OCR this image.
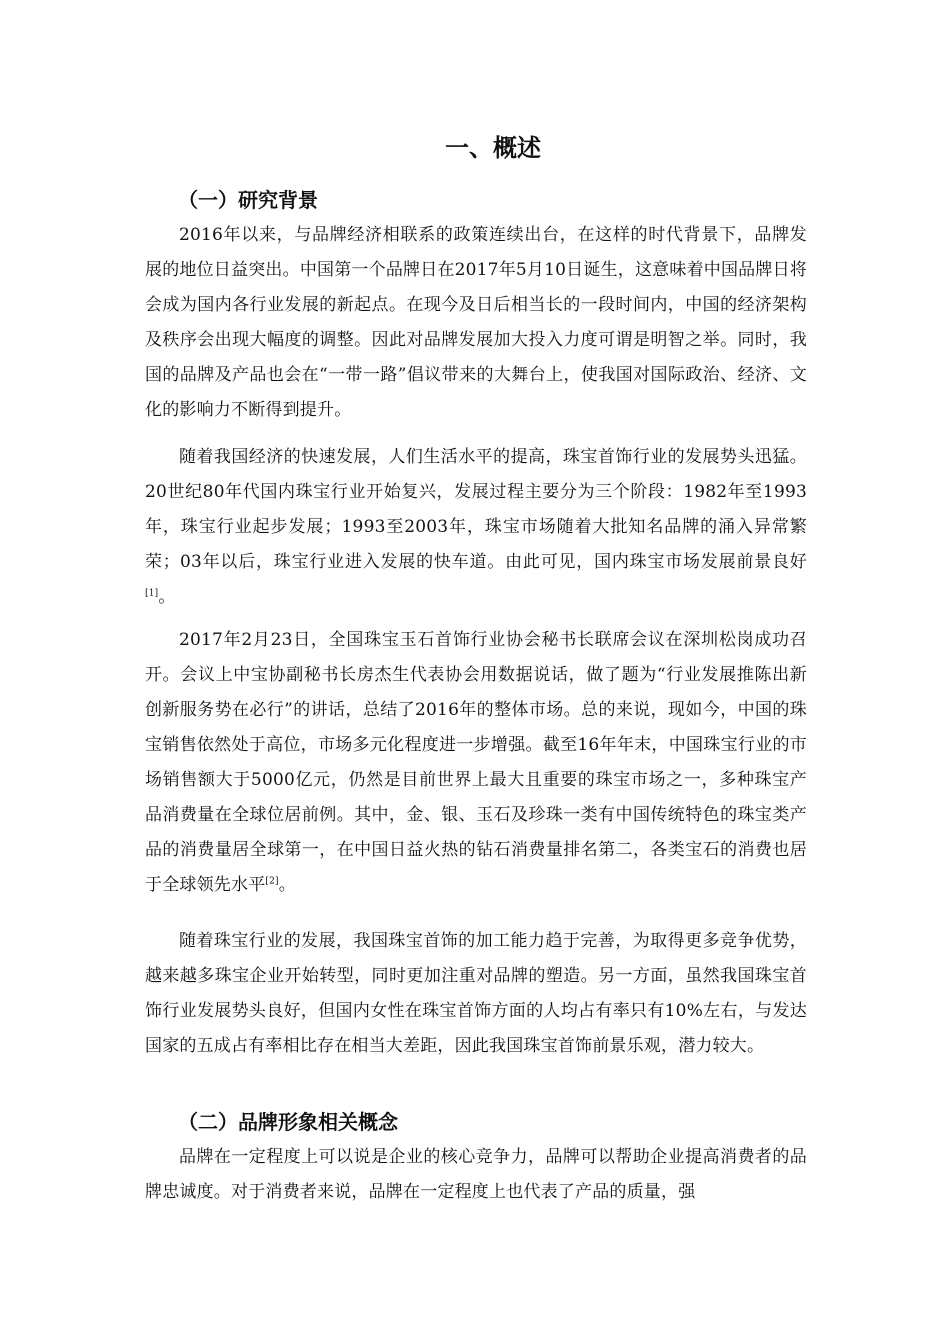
一、概述
（一）研究背景

2016年以来，与品牌经济相联系的政策连续出台，在这样的时代背景下，品牌发展的地位日益突出。中国第一个品牌日在2017年5月10日诞生，这意味着中国品牌日将会成为国内各行业发展的新起点。在现今及日后相当长的一段时间内，中国的经济架构及秩序会出现大幅度的调整。因此对品牌发展加大投入力度可谓是明智之举。同时，我国的品牌及产品也会在“一带一路”倡议带来的大舞台上，使我国对国际政治、经济、文化的影响力不断得到提升。

随着我国经济的快速发展，人们生活水平的提高，珠宝首饰行业的发展势头迅猛。20世纪80年代国内珠宝行业开始复兴，发展过程主要分为三个阶段：1982年至1993年，珠宝行业起步发展；1993至2003年，珠宝市场随着大批知名品牌的涌入异常繁荣；03年以后，珠宝行业进入发展的快车道。由此可见，国内珠宝市场发展前景良好[1]。

2017年2月23日，全国珠宝玉石首饰行业协会秘书长联席会议在深圳松岗成功召开。会议上中宝协副秘书长房杰生代表协会用数据说话，做了题为“行业发展推陈出新创新服务势在必行”的讲话，总结了2016年的整体市场。总的来说，现如今，中国的珠宝销售依然处于高位，市场多元化程度进一步增强。截至16年年末，中国珠宝行业的市场销售额大于5000亿元，仍然是目前世界上最大且重要的珠宝市场之一，多种珠宝产品消费量在全球位居前例。其中，金、银、玉石及珍珠一类有中国传统特色的珠宝类产品的消费量居全球第一，在中国日益火热的钻石消费量排名第二，各类宝石的消费也居于全球领先水平[2]。

随着珠宝行业的发展，我国珠宝首饰的加工能力趋于完善，为取得更多竞争优势，越来越多珠宝企业开始转型，同时更加注重对品牌的塑造。另一方面，虽然我国珠宝首饰行业发展势头良好，但国内女性在珠宝首饰方面的人均占有率只有10%左右，与发达国家的五成占有率相比存在相当大差距，因此我国珠宝首饰前景乐观，潜力较大。

（二）品牌形象相关概念

品牌在一定程度上可以说是企业的核心竞争力，品牌可以帮助企业提高消费者的品牌忠诚度。对于消费者来说，品牌在一定程度上也代表了产品的质量，强
